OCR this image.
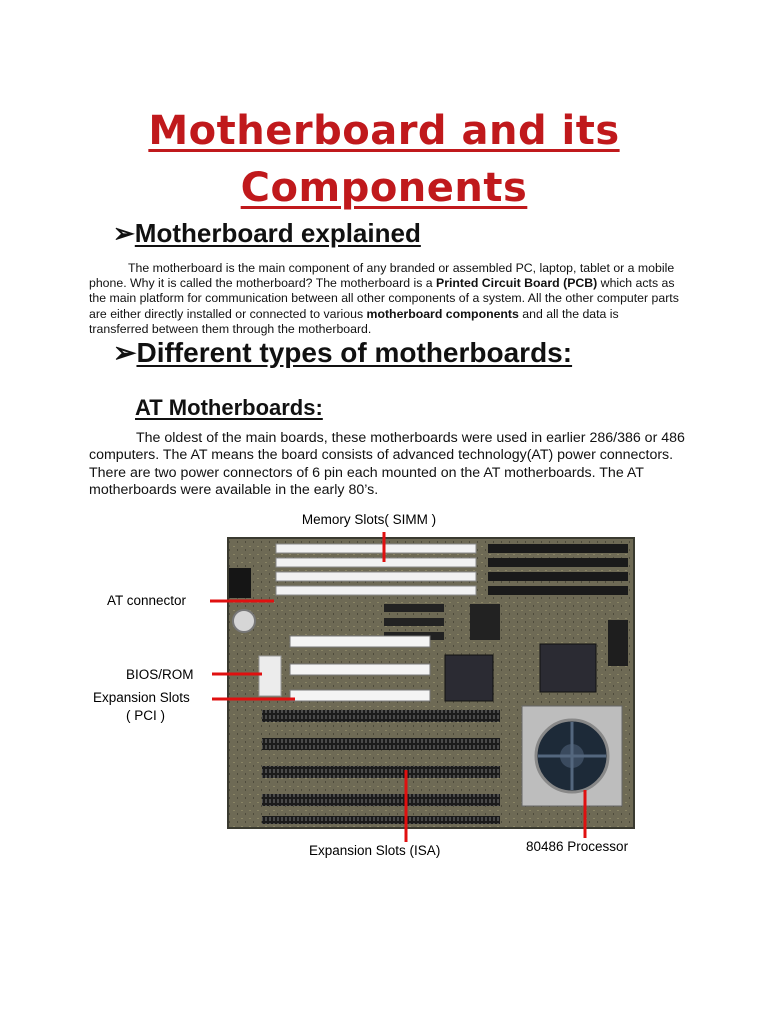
Motherboard and its
Components
➢Motherboard explained

The motherboard is the main component of any branded or assembled PC, laptop, tablet or a mobile phone. Why it is called the motherboard? The motherboard is a Printed Circuit Board (PCB) which acts as the main platform for communication between all other components of a system. All the other computer parts are either directly installed or connected to various motherboard components and all the data is transferred between them through the motherboard.

➢Different types of motherboards:
AT Motherboards:

The oldest of the main boards, these motherboards were used in earlier 286/386 or 486 computers. The AT means the board consists of advanced technology(AT) power connectors. There are two power connectors of 6 pin each mounted on the AT motherboards. The AT motherboards were available in the early 80’s.

Memory Slots( SIMM )
AT connector
BIOS/ROM
Expansion Slots
( PCI )
Expansion Slots (ISA)	80486 Processor
